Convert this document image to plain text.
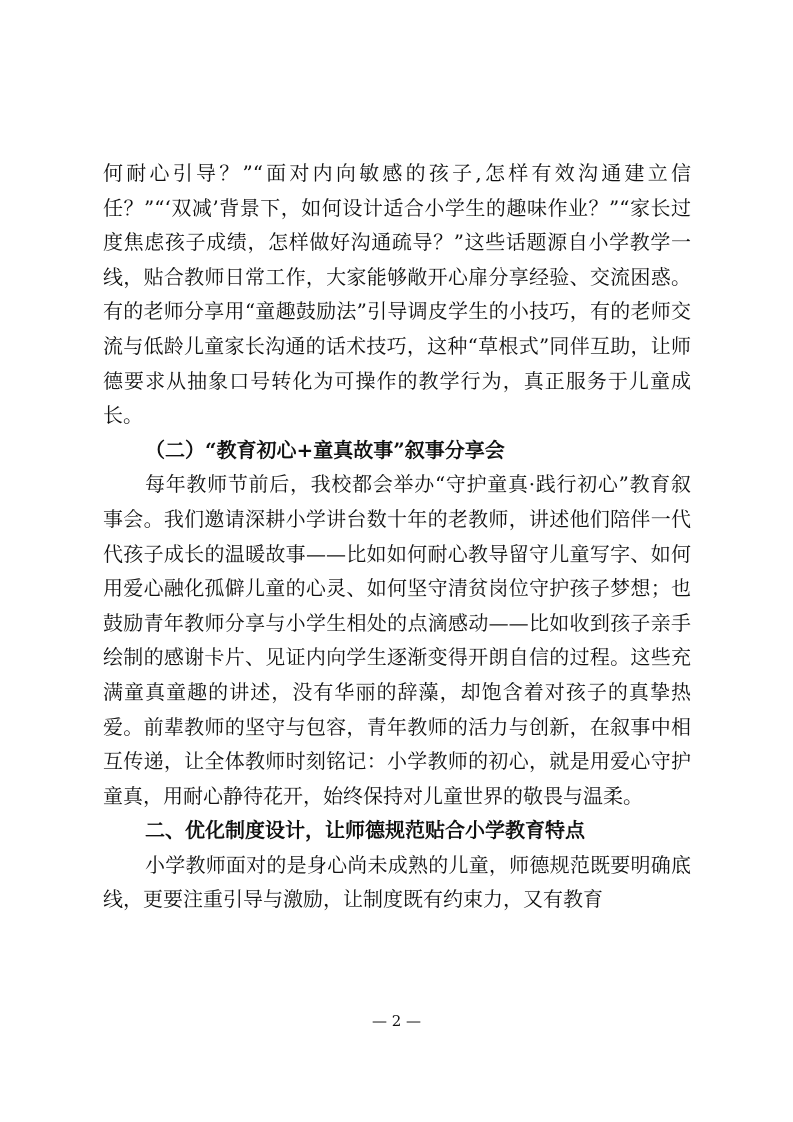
何耐心引导？”“面对内向敏感的孩子,怎样有效沟通建立信任？”“‘双减’背景下，如何设计适合小学生的趣味作业？”“家长过度焦虑孩子成绩，怎样做好沟通疏导？”这些话题源自小学教学一线，贴合教师日常工作，大家能够敞开心扉分享经验、交流困惑。有的老师分享用“童趣鼓励法”引导调皮学生的小技巧，有的老师交流与低龄儿童家长沟通的话术技巧，这种“草根式”同伴互助，让师德要求从抽象口号转化为可操作的教学行为，真正服务于儿童成长。

（二）“教育初心+童真故事”叙事分享会

每年教师节前后，我校都会举办“守护童真·践行初心”教育叙事会。我们邀请深耕小学讲台数十年的老教师，讲述他们陪伴一代代孩子成长的温暖故事——比如如何耐心教导留守儿童写字、如何用爱心融化孤僻儿童的心灵、如何坚守清贫岗位守护孩子梦想；也鼓励青年教师分享与小学生相处的点滴感动——比如收到孩子亲手绘制的感谢卡片、见证内向学生逐渐变得开朗自信的过程。这些充满童真童趣的讲述，没有华丽的辞藻，却饱含着对孩子的真挚热爱。前辈教师的坚守与包容，青年教师的活力与创新，在叙事中相互传递，让全体教师时刻铭记：小学教师的初心，就是用爱心守护童真，用耐心静待花开，始终保持对儿童世界的敬畏与温柔。

二、优化制度设计，让师德规范贴合小学教育特点

小学教师面对的是身心尚未成熟的儿童，师德规范既要明确底线，更要注重引导与激励，让制度既有约束力，又有教育

— 2 —
